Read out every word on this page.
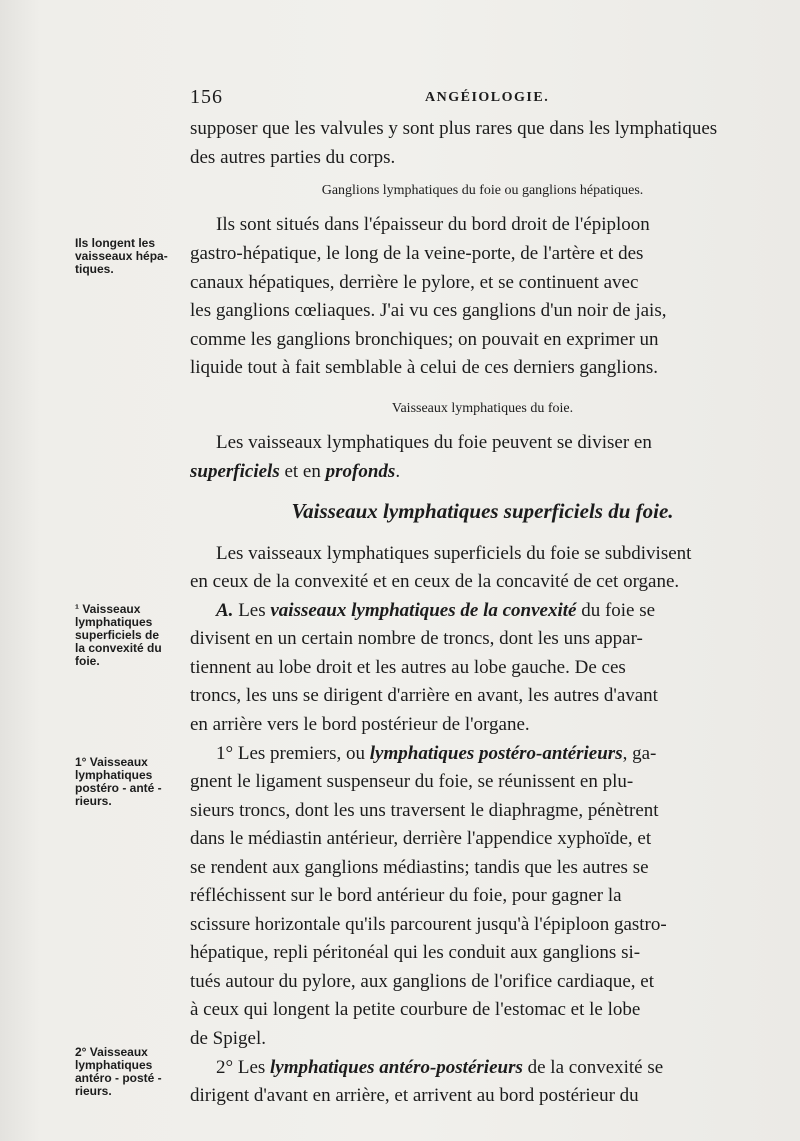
156	ANGÉIOLOGIE.
supposer que les valvules y sont plus rares que dans les lymphatiques
des autres parties du corps.
Ganglions lymphatiques du foie ou ganglions hépatiques.
Ils sont situés dans l'épaisseur du bord droit de l'épiploon
gastro-hépatique, le long de la veine-porte, de l'artère et des
canaux hépatiques, derrière le pylore, et se continuent avec
les ganglions cœliaques. J'ai vu ces ganglions d'un noir de jais,
comme les ganglions bronchiques; on pouvait en exprimer un
liquide tout à fait semblable à celui de ces derniers ganglions.
Vaisseaux lymphatiques du foie.
Les vaisseaux lymphatiques du foie peuvent se diviser en
superficiels et en profonds.
Vaisseaux lymphatiques superficiels du foie.
Les vaisseaux lymphatiques superficiels du foie se subdivisent
en ceux de la convexité et en ceux de la concavité de cet organe.
A. Les vaisseaux lymphatiques de la convexité du foie se
divisent en un certain nombre de troncs, dont les uns appar-
tiennent au lobe droit et les autres au lobe gauche. De ces
troncs, les uns se dirigent d'arrière en avant, les autres d'avant
en arrière vers le bord postérieur de l'organe.
1° Les premiers, ou lymphatiques postéro-antérieurs, ga-
gnent le ligament suspenseur du foie, se réunissent en plu-
sieurs troncs, dont les uns traversent le diaphragme, pénètrent
dans le médiastin antérieur, derrière l'appendice xyphoïde, et
se rendent aux ganglions médiastins; tandis que les autres se
réfléchissent sur le bord antérieur du foie, pour gagner la
scissure horizontale qu'ils parcourent jusqu'à l'épiploon gastro-
hépatique, repli péritonéal qui les conduit aux ganglions si-
tués autour du pylore, aux ganglions de l'orifice cardiaque, et
à ceux qui longent la petite courbure de l'estomac et le lobe
de Spigel.
2° Les lymphatiques antéro-postérieurs de la convexité se
dirigent d'avant en arrière, et arrivent au bord postérieur du
Ils longent les
vaisseaux hépa-
tiques.
¹ Vaisseaux
lymphatiques
superficiels de
la convexité du
foie.
1° Vaisseaux
lymphatiques
postéro - anté -
rieurs.
2° Vaisseaux
lymphatiques
antéro - posté -
rieurs.
